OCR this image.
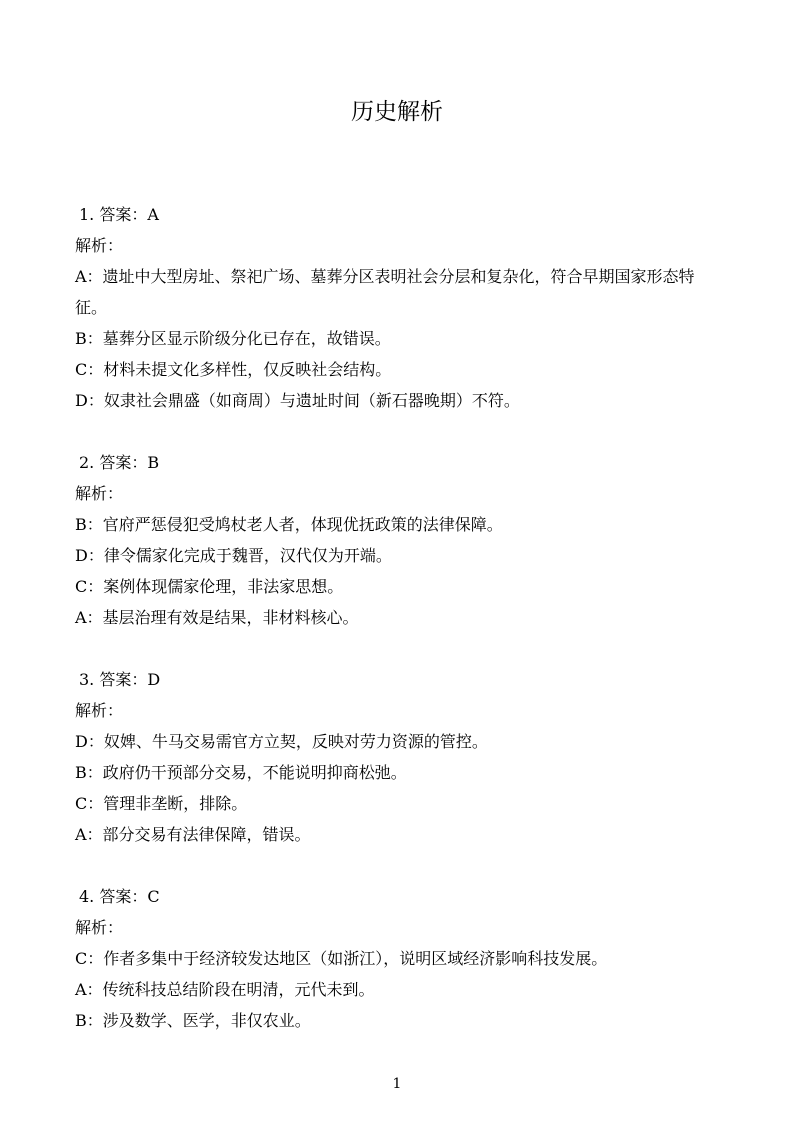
历史解析

1. 答案：A

解析：

A：遗址中大型房址、祭祀广场、墓葬分区表明社会分层和复杂化，符合早期国家形态特征。

B：墓葬分区显示阶级分化已存在，故错误。

C：材料未提文化多样性，仅反映社会结构。

D：奴隶社会鼎盛（如商周）与遗址时间（新石器晚期）不符。

2. 答案：B

解析：

B：官府严惩侵犯受鸠杖老人者，体现优抚政策的法律保障。

D：律令儒家化完成于魏晋，汉代仅为开端。

C：案例体现儒家伦理，非法家思想。

A：基层治理有效是结果，非材料核心。

3. 答案：D

解析：

D：奴婢、牛马交易需官方立契，反映对劳力资源的管控。

B：政府仍干预部分交易，不能说明抑商松弛。

C：管理非垄断，排除。

A：部分交易有法律保障，错误。

4. 答案：C

解析：

C：作者多集中于经济较发达地区（如浙江），说明区域经济影响科技发展。

A：传统科技总结阶段在明清，元代未到。

B：涉及数学、医学，非仅农业。

1
